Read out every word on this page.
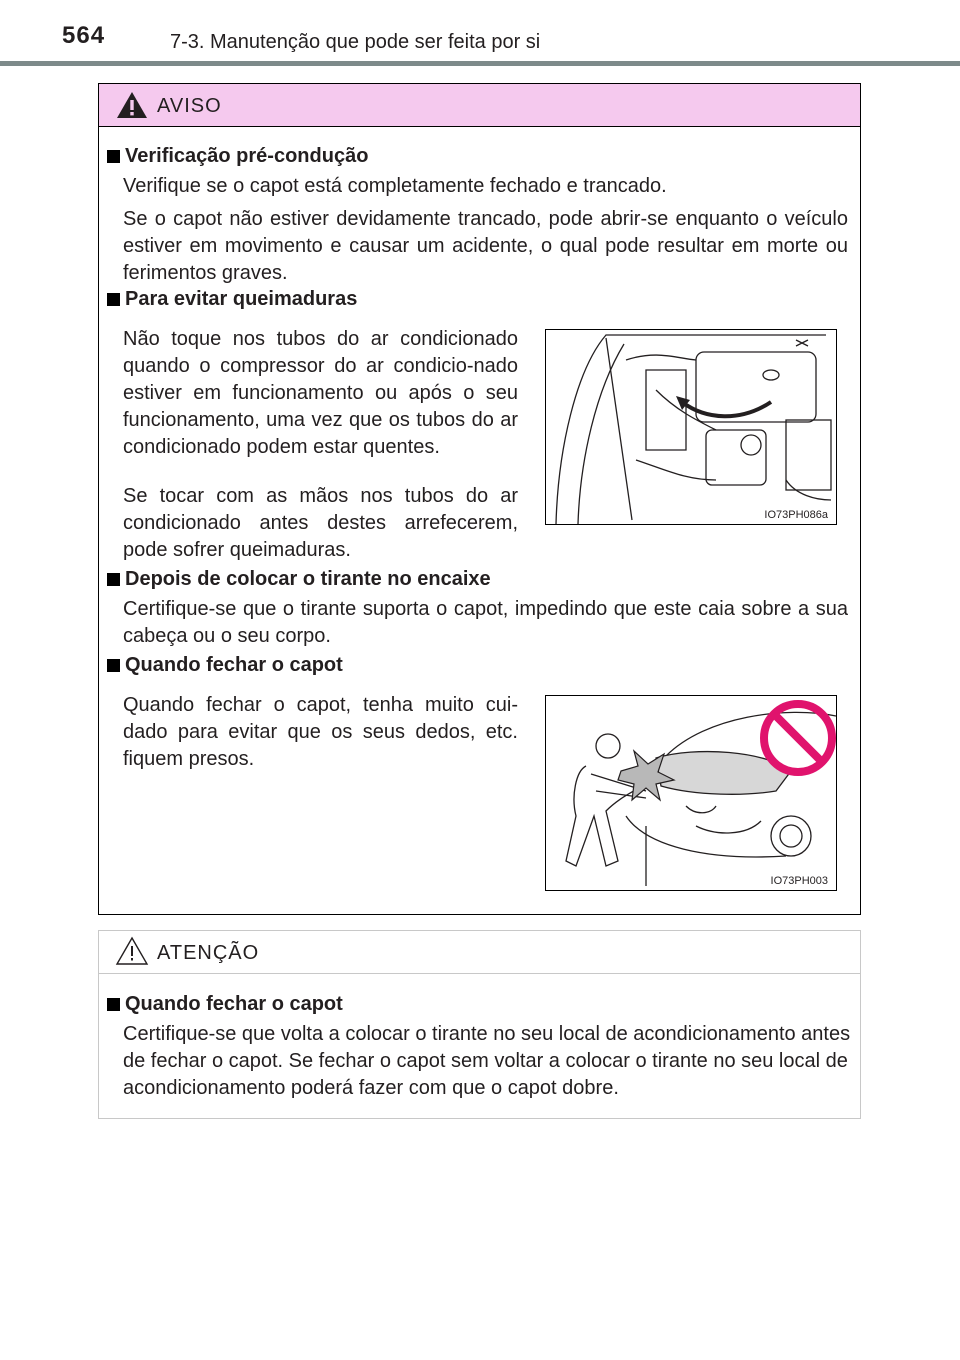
564	7-3. Manutenção que pode ser feita por si
AVISO
Verificação pré-condução
Verifique se o capot está completamente fechado e trancado.
Se o capot não estiver devidamente trancado, pode abrir-se enquanto o veículo estiver em movimento e causar um acidente, o qual pode resultar em morte ou ferimentos graves.
Para evitar queimaduras
Não toque nos tubos do ar condicionado quando o compressor do ar condicio-nado estiver em funcionamento ou após o seu funcionamento, uma vez que os tubos do ar condicionado podem estar quentes.
Se tocar com as mãos nos tubos do ar condicionado antes destes arrefecerem, pode sofrer queimaduras.
IO73PH086a
Depois de colocar o tirante no encaixe
Certifique-se que o tirante suporta o capot, impedindo que este caia sobre a sua cabeça ou o seu corpo.
Quando fechar o capot
Quando fechar o capot, tenha muito cui-dado para evitar que os seus dedos, etc. fiquem presos.
IO73PH003
ATENÇÃO
Quando fechar o capot
Certifique-se que volta a colocar o tirante no seu local de acondicionamento antes de fechar o capot. Se fechar o capot sem voltar a colocar o tirante no seu local de acondicionamento poderá fazer com que o capot dobre.
